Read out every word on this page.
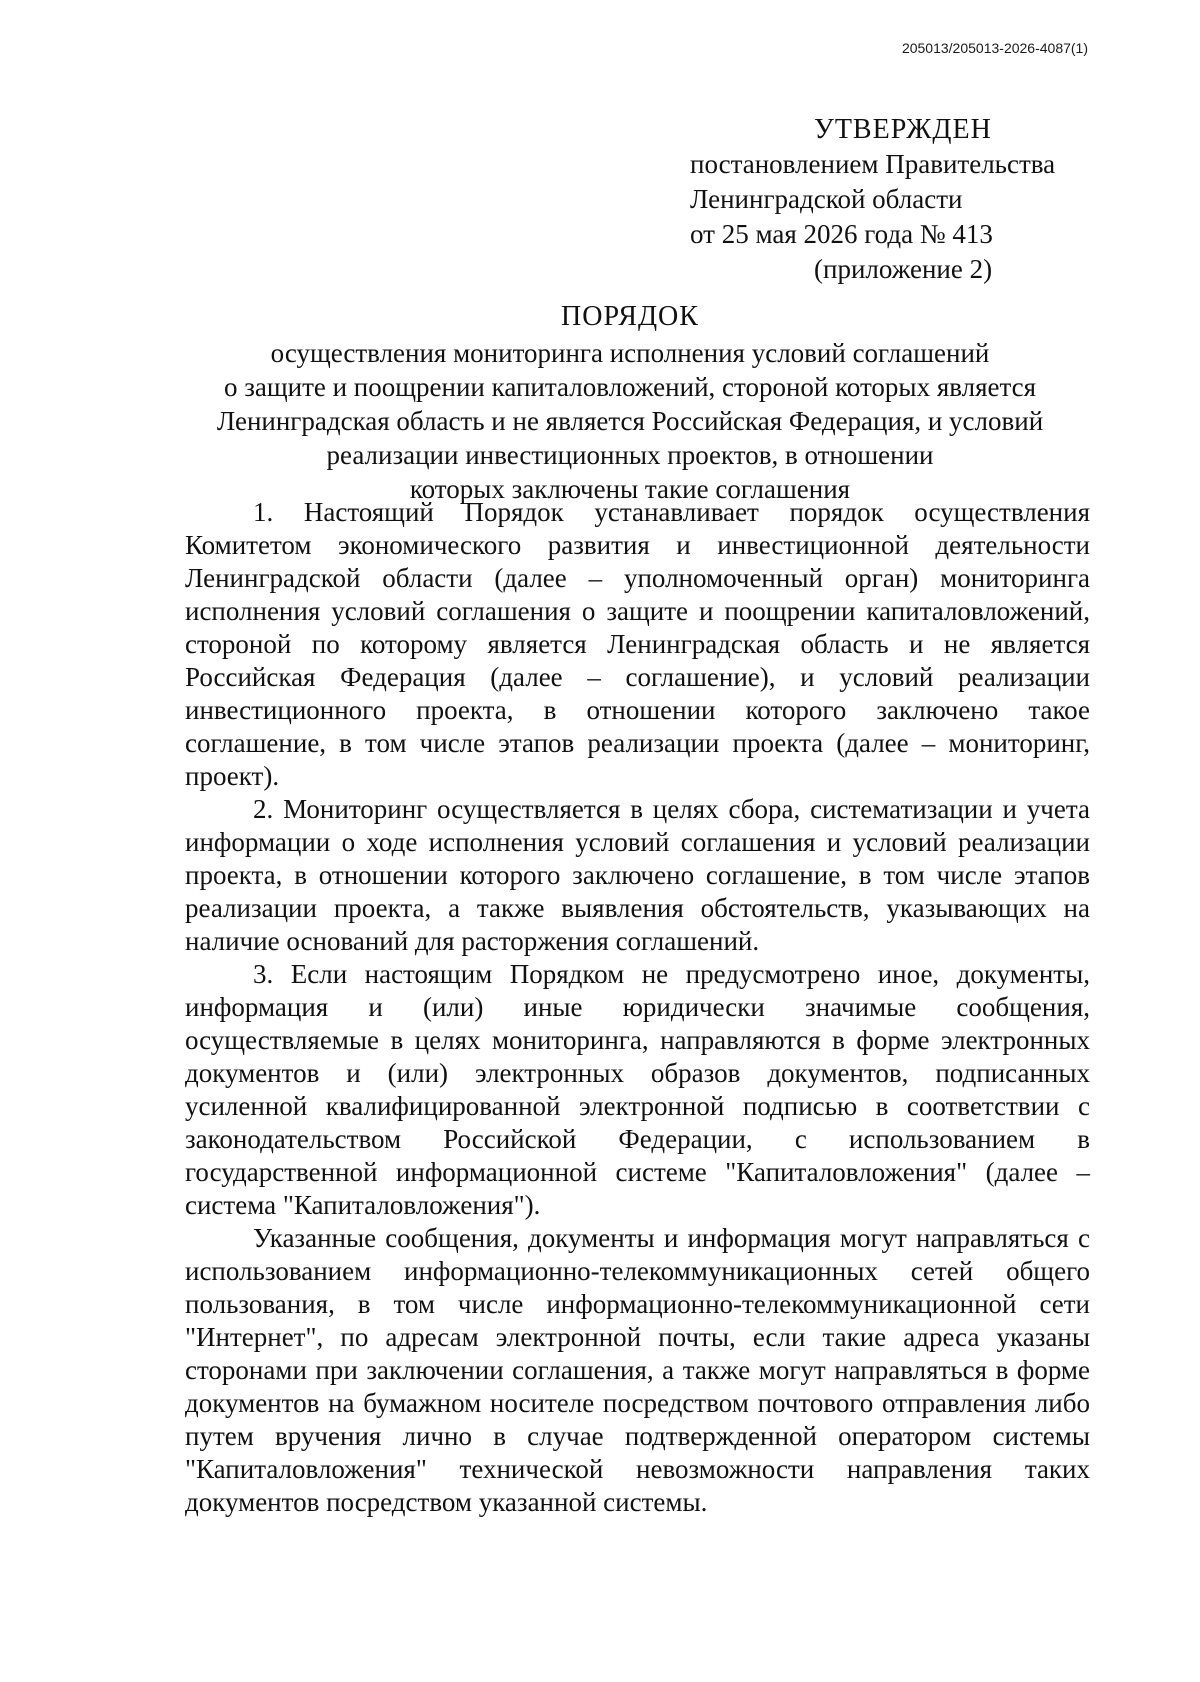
205013/205013-2026-4087(1)
УТВЕРЖДЕН
постановлением Правительства
Ленинградской области
от 25 мая 2026 года № 413
(приложение 2)
ПОРЯДОК
осуществления мониторинга исполнения условий соглашений
о защите и поощрении капиталовложений, стороной которых является
Ленинградская область и не является Российская Федерация, и условий
реализации инвестиционных проектов, в отношении
которых заключены такие соглашения

1. Настоящий Порядок устанавливает порядок осуществления Комитетом экономического развития и инвестиционной деятельности Ленинградской области (далее – уполномоченный орган) мониторинга исполнения условий соглашения о защите и поощрении капиталовложений, стороной по которому является Ленинградская область и не является Российская Федерация (далее – соглашение), и условий реализации инвестиционного проекта, в отношении которого заключено такое соглашение, в том числе этапов реализации проекта (далее – мониторинг, проект).

2. Мониторинг осуществляется в целях сбора, систематизации и учета информации о ходе исполнения условий соглашения и условий реализации проекта, в отношении которого заключено соглашение, в том числе этапов реализации проекта, а также выявления обстоятельств, указывающих на наличие оснований для расторжения соглашений.

3. Если настоящим Порядком не предусмотрено иное, документы, информация и (или) иные юридически значимые сообщения, осуществляемые в целях мониторинга, направляются в форме электронных документов и (или) электронных образов документов, подписанных усиленной квалифицированной электронной подписью в соответствии с законодательством Российской Федерации, с использованием в государственной информационной системе "Капиталовложения" (далее – система "Капиталовложения").

Указанные сообщения, документы и информация могут направляться с использованием информационно-телекоммуникационных сетей общего пользования, в том числе информационно-телекоммуникационной сети "Интернет", по адресам электронной почты, если такие адреса указаны сторонами при заключении соглашения, а также могут направляться в форме документов на бумажном носителе посредством почтового отправления либо путем вручения лично в случае подтвержденной оператором системы "Капиталовложения" технической невозможности направления таких документов посредством указанной системы.
